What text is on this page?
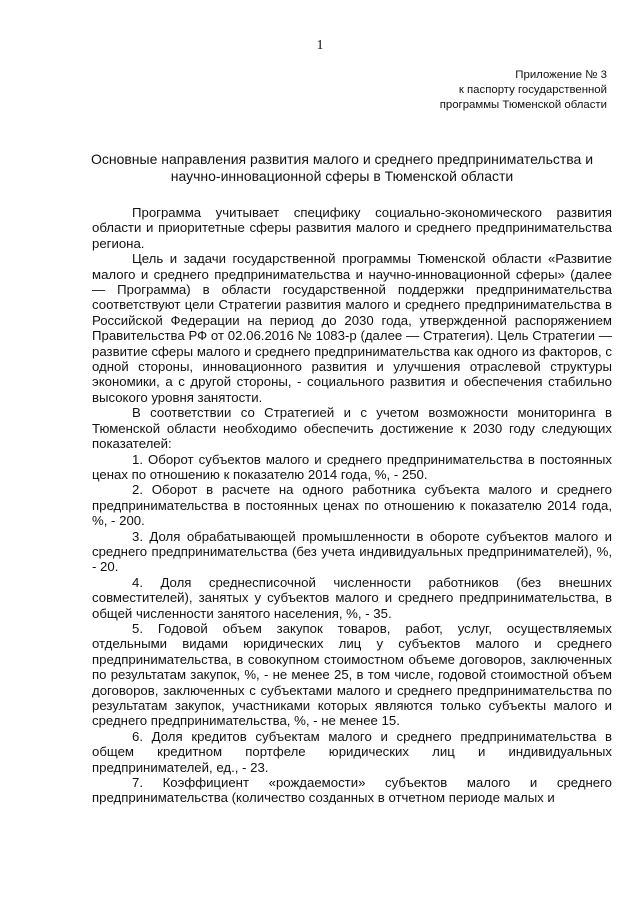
1
Приложение № 3
к паспорту государственной
программы Тюменской области
Основные направления развития малого и среднего предпринимательства и
научно-инновационной сферы в Тюменской области

Программа учитывает специфику социально-экономического развития области и приоритетные сферы развития малого и среднего предпринимательства региона.

Цель и задачи государственной программы Тюменской области «Развитие малого и среднего предпринимательства и научно-инновационной сферы» (далее — Программа) в области государственной поддержки предпринимательства соответствуют цели Стратегии развития малого и среднего предпринимательства в Российской Федерации на период до 2030 года, утвержденной распоряжением Правительства РФ от 02.06.2016 № 1083-р (далее — Стратегия). Цель Стратегии — развитие сферы малого и среднего предпринимательства как одного из факторов, с одной стороны, инновационного развития и улучшения отраслевой структуры экономики, а с другой стороны, - социального развития и обеспечения стабильно высокого уровня занятости.

В соответствии со Стратегией и с учетом возможности мониторинга в Тюменской области необходимо обеспечить достижение к 2030 году следующих показателей:

1. Оборот субъектов малого и среднего предпринимательства в постоянных ценах по отношению к показателю 2014 года, %, - 250.

2. Оборот в расчете на одного работника субъекта малого и среднего предпринимательства в постоянных ценах по отношению к показателю 2014 года, %, - 200.

3. Доля обрабатывающей промышленности в обороте субъектов малого и среднего предпринимательства (без учета индивидуальных предпринимателей), %, - 20.

4. Доля среднесписочной численности работников (без внешних совместителей), занятых у субъектов малого и среднего предпринимательства, в общей численности занятого населения, %, - 35.

5. Годовой объем закупок товаров, работ, услуг, осуществляемых отдельными видами юридических лиц у субъектов малого и среднего предпринимательства, в совокупном стоимостном объеме договоров, заключенных по результатам закупок, %, - не менее 25, в том числе, годовой стоимостной объем договоров, заключенных с субъектами малого и среднего предпринимательства по результатам закупок, участниками которых являются только субъекты малого и среднего предпринимательства, %, - не менее 15.

6. Доля кредитов субъектам малого и среднего предпринимательства в общем кредитном портфеле юридических лиц и индивидуальных предпринимателей, ед., - 23.

7. Коэффициент «рождаемости» субъектов малого и среднего предпринимательства (количество созданных в отчетном периоде малых и
